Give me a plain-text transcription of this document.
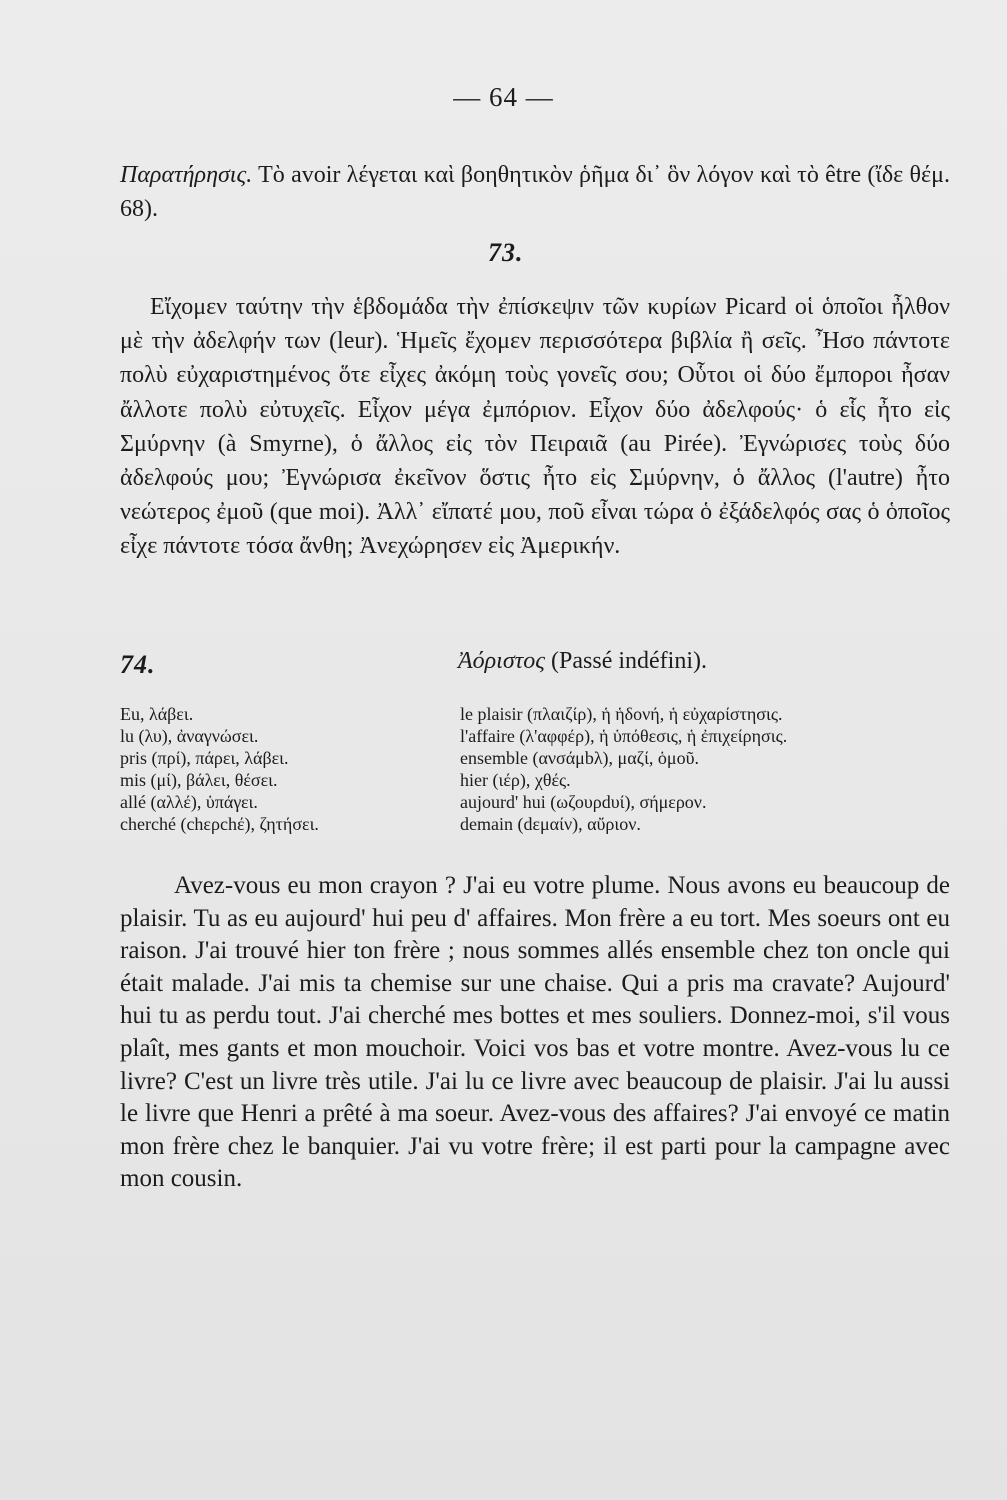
— 64 —
Παρατήρησις. Τὸ avoir λέγεται καὶ βοηθητικὸν ῥῆμα δι᾽ ὃν λόγον καὶ τὸ être (ἴδε θέμ. 68).
73.
Εἴχομεν ταύτην τὴν ἑβδομάδα τὴν ἐπίσκεψιν τῶν κυρίων Picard οἱ ὁποῖοι ἦλθον μὲ τὴν ἀδελφήν των (leur). Ἡμεῖς ἔχομεν περισσότερα βιβλία ἢ σεῖς. Ἦσο πάντοτε πολὺ εὐχαριστημένος ὅτε εἶχες ἀκόμη τοὺς γονεῖς σου; Οὗτοι οἱ δύο ἔμποροι ἦσαν ἄλλοτε πολὺ εὐτυχεῖς. Εἶχον μέγα ἐμπόριον. Εἶχον δύο ἀδελφούς· ὁ εἷς ἦτο εἰς Σμύρνην (à Smyrne), ὁ ἄλλος εἰς τὸν Πειραιᾶ (au Pirée). Ἐγνώρισες τοὺς δύο ἀδελφούς μου; Ἐγνώρισα ἐκεῖνον ὅστις ἦτο εἰς Σμύρνην, ὁ ἄλλος (l'autre) ἦτο νεώτερος ἐμοῦ (que moi). Ἀλλ᾽ εἴπατέ μου, ποῦ εἶναι τώρα ὁ ἐξάδελφός σας ὁ ὁποῖος εἶχε πάντοτε τόσα ἄνθη; Ἀνεχώρησεν εἰς Ἀμερικήν.
74.	Ἀόριστος (Passé indéfini).
Eu, λάβει.
lu (λυ), ἀναγνώσει.
pris (πρί), πάρει, λάβει.
mis (μί), βάλει, θέσει.
allé (αλλέ), ὑπάγει.
cherché (chερchέ), ζητήσει.
le plaisir (πλαιζίρ), ἡ ἡδονή, ἡ εὐχαρίστησις.
l'affaire (λ'αφφέρ), ἡ ὑπόθεσις, ἡ ἐπιχείρησις.
ensemble (ανσάμbλ), μαζί, ὁμοῦ.
hier (ιέρ), χθές.
aujourd' hui (ωζουρdυί), σήμερον.
demain (dεμαίν), αὔριον.
Avez-vous eu mon crayon ? J'ai eu votre plume. Nous avons eu beaucoup de plaisir. Tu as eu aujourd' hui peu d' affaires. Mon frère a eu tort. Mes soeurs ont eu raison. J'ai trouvé hier ton frère ; nous sommes allés ensemble chez ton oncle qui était malade. J'ai mis ta chemise sur une chaise. Qui a pris ma cravate? Aujourd' hui tu as perdu tout. J'ai cherché mes bottes et mes souliers. Donnez-moi, s'il vous plaît, mes gants et mon mouchoir. Voici vos bas et votre montre. Avez-vous lu ce livre? C'est un livre très utile. J'ai lu ce livre avec beaucoup de plaisir. J'ai lu aussi le livre que Henri a prêté à ma soeur. Avez-vous des affaires? J'ai envoyé ce matin mon frère chez le banquier. J'ai vu votre frère; il est parti pour la campagne avec mon cousin.
